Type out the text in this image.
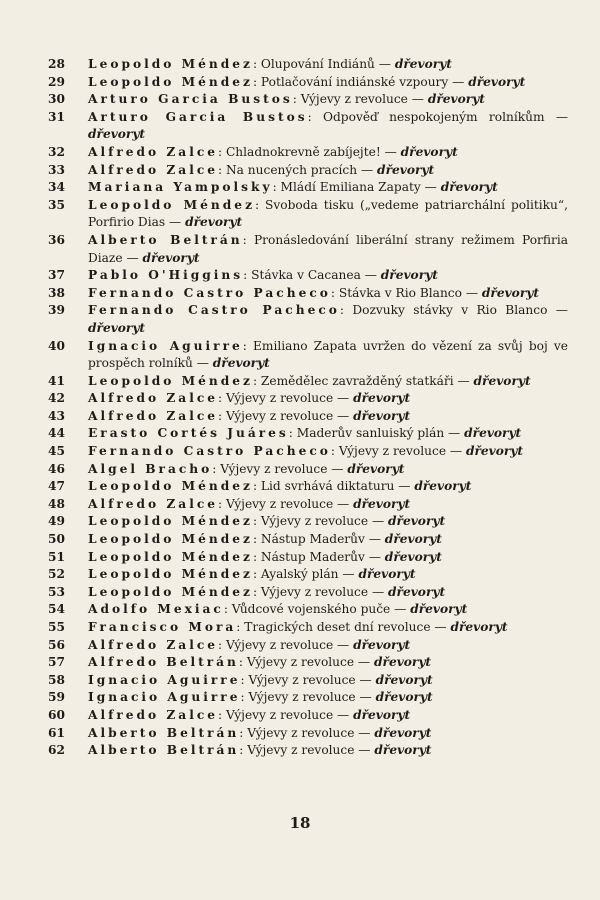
28	Leopoldo Méndez: Olupování Indiánů — dřevoryt
29	Leopoldo Méndez: Potlačování indiánské vzpoury — dřevoryt
30	Arturo Garcia Bustos: Výjevy z revoluce — dřevoryt
31	Arturo Garcia Bustos: Odpověď nespokojeným rolníkům — dřevoryt
32	Alfredo Zalce: Chladnokrevně zabíjejte! — dřevoryt
33	Alfredo Zalce: Na nucených pracích — dřevoryt
34	Mariana Yampolsky: Mládí Emiliana Zapaty — dřevoryt
35	Leopoldo Méndez: Svoboda tisku („vedeme patriarchální politiku“, Porfirio Dias — dřevoryt
36	Alberto Beltrán: Pronásledování liberální strany režimem Porfiria Diaze — dřevoryt
37	Pablo O'Higgins: Stávka v Cacanea — dřevoryt
38	Fernando Castro Pacheco: Stávka v Rio Blanco — dřevoryt
39	Fernando Castro Pacheco: Dozvuky stávky v Rio Blanco — dřevoryt
40	Ignacio Aguirre: Emiliano Zapata uvržen do vězení za svůj boj ve prospěch rolníků — dřevoryt
41	Leopoldo Méndez: Zemědělec zavražděný statkáři — dřevoryt
42	Alfredo Zalce: Výjevy z revoluce — dřevoryt
43	Alfredo Zalce: Výjevy z revoluce — dřevoryt
44	Erasto Cortés Juáres: Maderův sanluiský plán — dřevoryt
45	Fernando Castro Pacheco: Výjevy z revoluce — dřevoryt
46	Algel Bracho: Výjevy z revoluce — dřevoryt
47	Leopoldo Méndez: Lid svrhává diktaturu — dřevoryt
48	Alfredo Zalce: Výjevy z revoluce — dřevoryt
49	Leopoldo Méndez: Výjevy z revoluce — dřevoryt
50	Leopoldo Méndez: Nástup Maderův — dřevoryt
51	Leopoldo Méndez: Nástup Maderův — dřevoryt
52	Leopoldo Méndez: Ayalský plán — dřevoryt
53	Leopoldo Méndez: Výjevy z revoluce — dřevoryt
54	Adolfo Mexiac: Vůdcové vojenského puče — dřevoryt
55	Francisco Mora: Tragických deset dní revoluce — dřevoryt
56	Alfredo Zalce: Výjevy z revoluce — dřevoryt
57	Alfredo Beltrán: Výjevy z revoluce — dřevoryt
58	Ignacio Aguirre: Výjevy z revoluce — dřevoryt
59	Ignacio Aguirre: Výjevy z revoluce — dřevoryt
60	Alfredo Zalce: Výjevy z revoluce — dřevoryt
61	Alberto Beltrán: Výjevy z revoluce — dřevoryt
62	Alberto Beltrán: Výjevy z revoluce — dřevoryt
18
